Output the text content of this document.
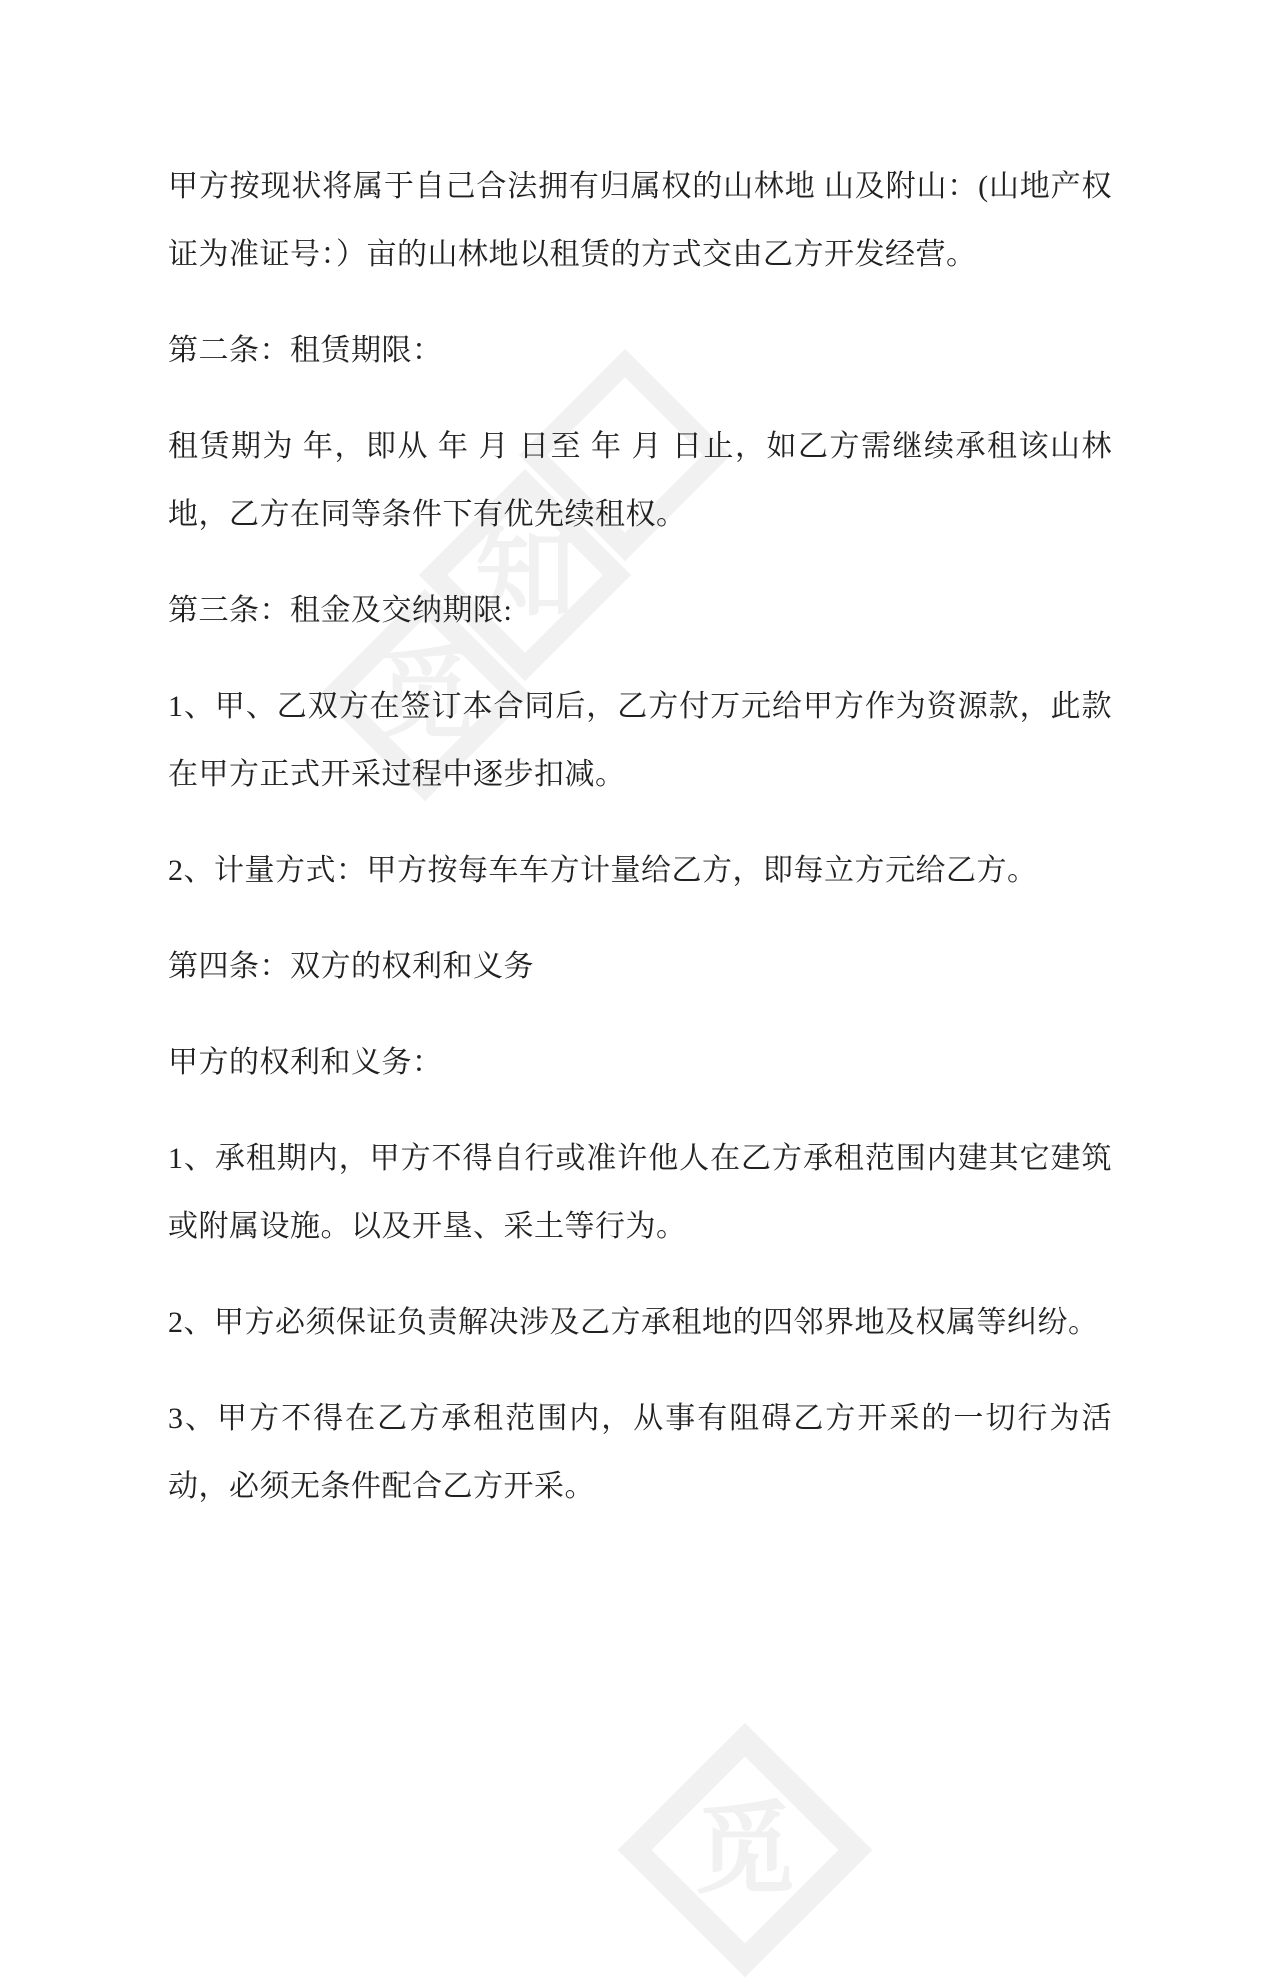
觅
知
觅

甲方按现状将属于自己合法拥有归属权的山林地 山及附山：(山地产权证为准证号：）亩的山林地以租赁的方式交由乙方开发经营。

第二条：租赁期限：

租赁期为 年，即从 年 月 日至 年 月 日止，如乙方需继续承租该山林地，乙方在同等条件下有优先续租权。

第三条：租金及交纳期限:

1、甲、乙双方在签订本合同后，乙方付万元给甲方作为资源款，此款在甲方正式开采过程中逐步扣减。

2、计量方式：甲方按每车车方计量给乙方，即每立方元给乙方。

第四条：双方的权利和义务

甲方的权利和义务：

1、承租期内，甲方不得自行或准许他人在乙方承租范围内建其它建筑或附属设施。以及开垦、采土等行为。

2、甲方必须保证负责解决涉及乙方承租地的四邻界地及权属等纠纷。

3、甲方不得在乙方承租范围内，从事有阻碍乙方开采的一切行为活动，必须无条件配合乙方开采。
